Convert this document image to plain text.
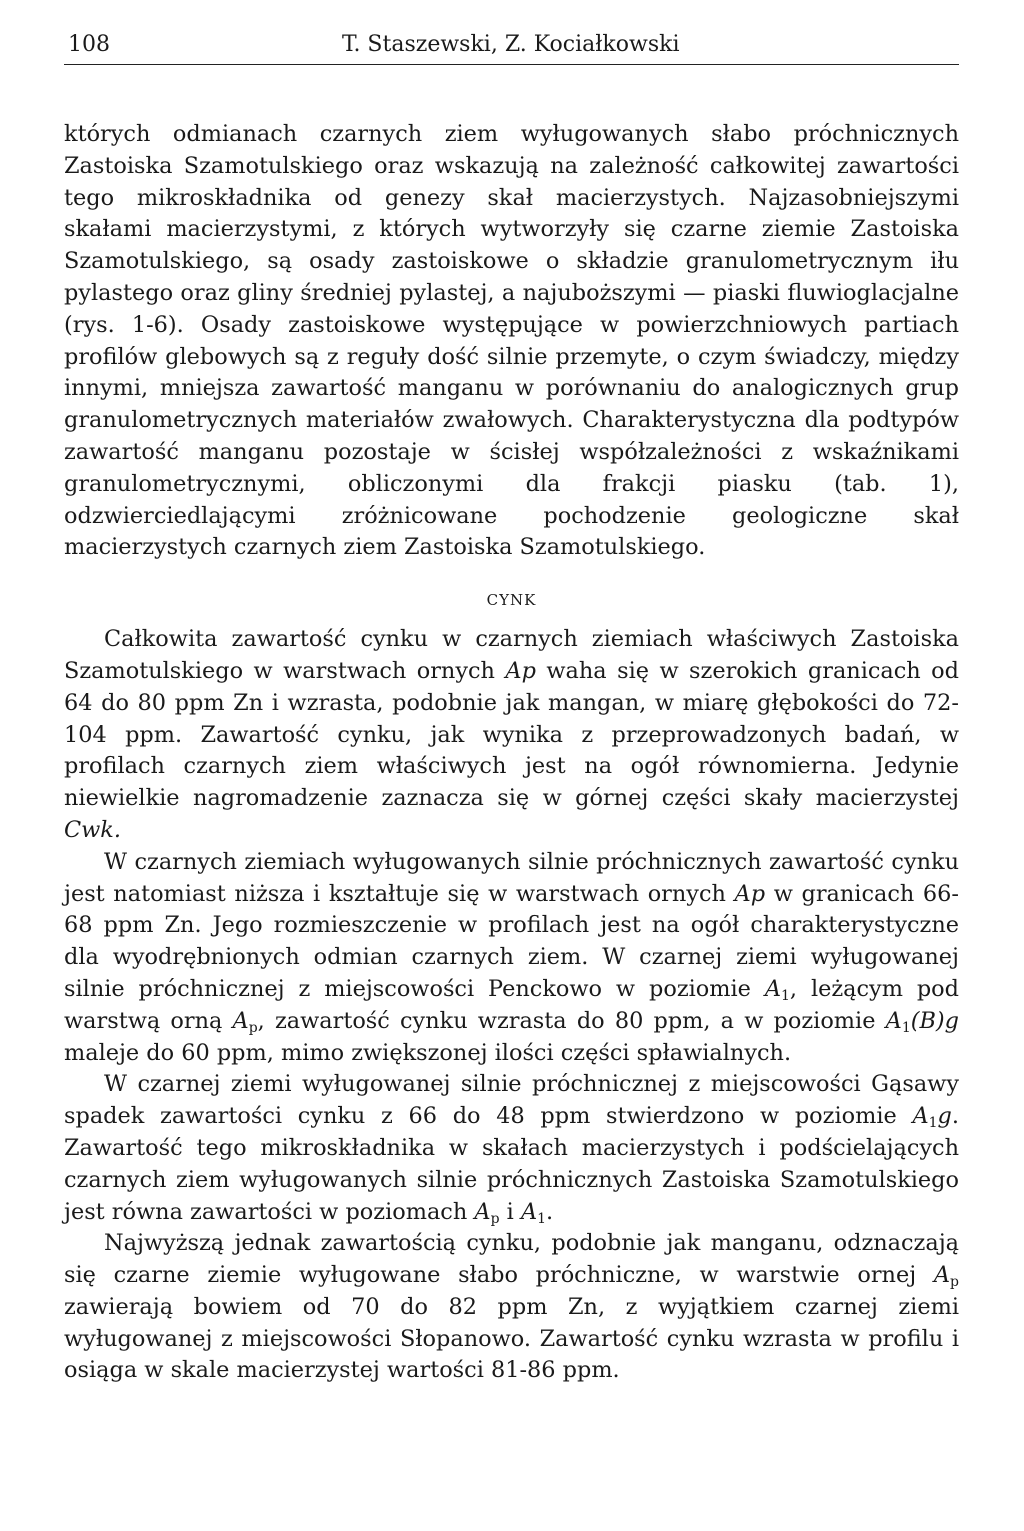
108	T. Staszewski, Z. Kociałkowski

których odmianach czarnych ziem wyługowanych słabo próchnicznych Zastoiska Szamotulskiego oraz wskazują na zależność całkowitej zawartości tego mikroskładnika od genezy skał macierzystych. Najzasobniejszymi skałami macierzystymi, z których wytworzyły się czarne ziemie Zastoiska Szamotulskiego, są osady zastoiskowe o składzie granulometrycznym iłu pylastego oraz gliny średniej pylastej, a najuboższymi — piaski fluwioglacjalne (rys. 1-6). Osady zastoiskowe występujące w powierzchniowych partiach profilów glebowych są z reguły dość silnie przemyte, o czym świadczy, między innymi, mniejsza zawartość manganu w porównaniu do analogicznych grup granulometrycznych materiałów zwałowych. Charakterystyczna dla podtypów zawartość manganu pozostaje w ścisłej współzależności z wskaźnikami granulometrycznymi, obliczonymi dla frakcji piasku (tab. 1), odzwierciedlającymi zróżnicowane pochodzenie geologiczne skał macierzystych czarnych ziem Zastoiska Szamotulskiego.

CYNK

Całkowita zawartość cynku w czarnych ziemiach właściwych Zastoiska Szamotulskiego w warstwach ornych Ap waha się w szerokich granicach od 64 do 80 ppm Zn i wzrasta, podobnie jak mangan, w miarę głębokości do 72-104 ppm. Zawartość cynku, jak wynika z przeprowadzonych badań, w profilach czarnych ziem właściwych jest na ogół równomierna. Jedynie niewielkie nagromadzenie zaznacza się w górnej części skały macierzystej Cwk.

W czarnych ziemiach wyługowanych silnie próchnicznych zawartość cynku jest natomiast niższa i kształtuje się w warstwach ornych Ap w granicach 66-68 ppm Zn. Jego rozmieszczenie w profilach jest na ogół charakterystyczne dla wyodrębnionych odmian czarnych ziem. W czarnej ziemi wyługowanej silnie próchnicznej z miejscowości Penckowo w poziomie $A_1$, leżącym pod warstwą orną $A_p$, zawartość cynku wzrasta do 80 ppm, a w poziomie $A_1(B)g$ maleje do 60 ppm, mimo zwiększonej ilości części spławialnych.

W czarnej ziemi wyługowanej silnie próchnicznej z miejscowości Gąsawy spadek zawartości cynku z 66 do 48 ppm stwierdzono w poziomie $A_1g$. Zawartość tego mikroskładnika w skałach macierzystych i podścielających czarnych ziem wyługowanych silnie próchnicznych Zastoiska Szamotulskiego jest równa zawartości w poziomach $A_p$ i $A_1$.

Najwyższą jednak zawartością cynku, podobnie jak manganu, odznaczają się czarne ziemie wyługowane słabo próchniczne, w warstwie ornej $A_p$ zawierają bowiem od 70 do 82 ppm Zn, z wyjątkiem czarnej ziemi wyługowanej z miejscowości Słopanowo. Zawartość cynku wzrasta w profilu i osiąga w skale macierzystej wartości 81-86 ppm.
